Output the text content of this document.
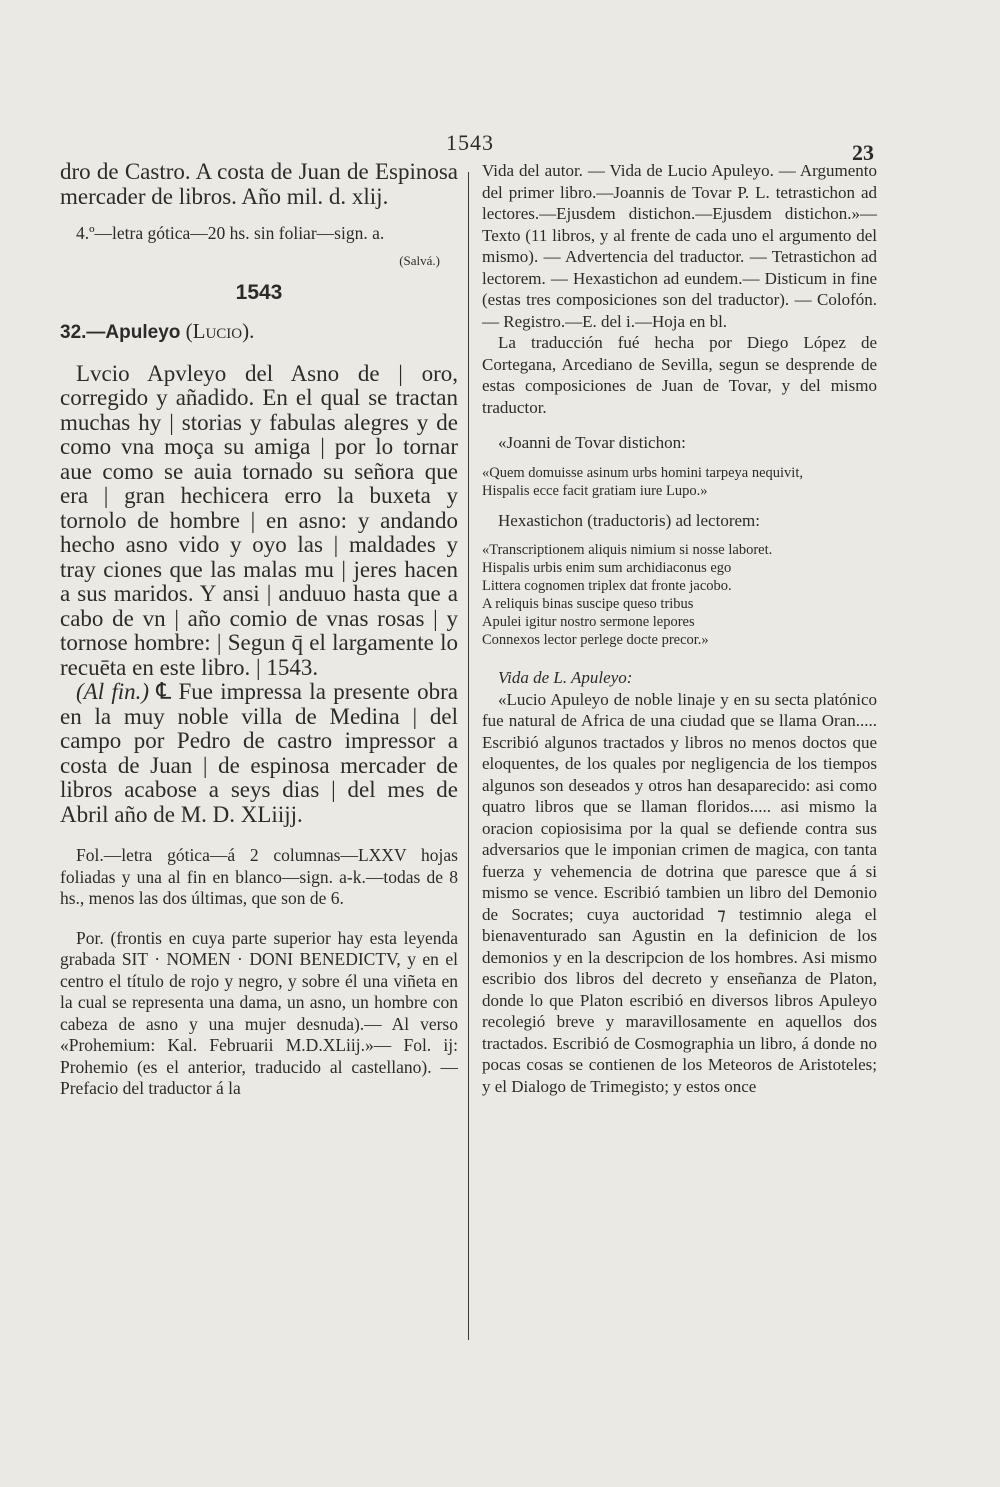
1543	23

dro de Castro. A costa de Juan de Espinosa mercader de libros. Año mil. d. xlij.

4.º—letra gótica—20 hs. sin foliar—sign. a.

(Salvá.)
1543
32.—Apuleyo (Lucio).

Lvcio Apvleyo del Asno de | oro, corregido y añadido. En el qual se tractan muchas hy | storias y fabulas alegres y de como vna moça su amiga | por lo tornar aue como se auia tornado su señora que era | gran hechicera erro la buxeta y tornolo de hombre | en asno: y andando hecho asno vido y oyo las | maldades y tray ciones que las malas mu | jeres hacen a sus maridos. Y ansi | anduuo hasta que a cabo de vn | año comio de vnas rosas | y tornose hombre: | Segun q̄ el largamente lo recuēta en este libro. | 1543.

(Al fin.) ℄ Fue impressa la presente obra en la muy noble villa de Medina | del campo por Pedro de castro impressor a costa de Juan | de espinosa mercader de libros acabose a seys dias | del mes de Abril año de M. D. XLiijj.

Fol.—letra gótica—á 2 columnas—LXXV hojas foliadas y una al fin en blanco—sign. a-k.—todas de 8 hs., menos las dos últimas, que son de 6.

Por. (frontis en cuya parte superior hay esta leyenda grabada SIT · NOMEN · DONI BENEDICTV, y en el centro el título de rojo y negro, y sobre él una viñeta en la cual se representa una dama, un asno, un hombre con cabeza de asno y una mujer desnuda).— Al verso «Prohemium: Kal. Februarii M.D.XLiij.»— Fol. ij: Prohemio (es el anterior, traducido al castellano). — Prefacio del traductor á la

Vida del autor. — Vida de Lucio Apuleyo. — Argumento del primer libro.—Joannis de Tovar P. L. tetrastichon ad lectores.—Ejusdem distichon.—Ejusdem distichon.»—Texto (11 libros, y al frente de cada uno el argumento del mismo). — Advertencia del traductor. — Tetrastichon ad lectorem. — Hexastichon ad eundem.— Disticum in fine (estas tres composiciones son del traductor). — Colofón.— Registro.—E. del i.—Hoja en bl.

La traducción fué hecha por Diego López de Cortegana, Arcediano de Sevilla, segun se desprende de estas composiciones de Juan de Tovar, y del mismo traductor.

«Joanni de Tovar distichon:

«Quem domuisse asinum urbs homini tarpeya nequivit,
Hispalis ecce facit gratiam iure Lupo.»

Hexastichon (traductoris) ad lectorem:

«Transcriptionem aliquis nimium si nosse laboret.
Hispalis urbis enim sum archidiaconus ego
Littera cognomen triplex dat fronte jacobo.
A reliquis binas suscipe queso tribus
Apulei igitur nostro sermone lepores
Connexos lector perlege docte precor.»

Vida de L. Apuleyo:

«Lucio Apuleyo de noble linaje y en su secta platónico fue natural de Africa de una ciudad que se llama Oran..... Escribió algunos tractados y libros no menos doctos que eloquentes, de los quales por negligencia de los tiempos algunos son deseados y otros han desaparecido: asi como quatro libros que se llaman floridos..... asi mismo la oracion copiosisima por la qual se defiende contra sus adversarios que le imponian crimen de magica, con tanta fuerza y vehemencia de dotrina que paresce que á si mismo se vence. Escribió tambien un libro del Demonio de Socrates; cuya auctoridad ⁊ testimnio alega el bienaventurado san Agustin en la definicion de los demonios y en la descripcion de los hombres. Asi mismo escribio dos libros del decreto y enseñanza de Platon, donde lo que Platon escribió en diversos libros Apuleyo recolegió breve y maravillosamente en aquellos dos tractados. Escribió de Cosmographia un libro, á donde no pocas cosas se contienen de los Meteoros de Aristoteles; y el Dialogo de Trimegisto; y estos once
